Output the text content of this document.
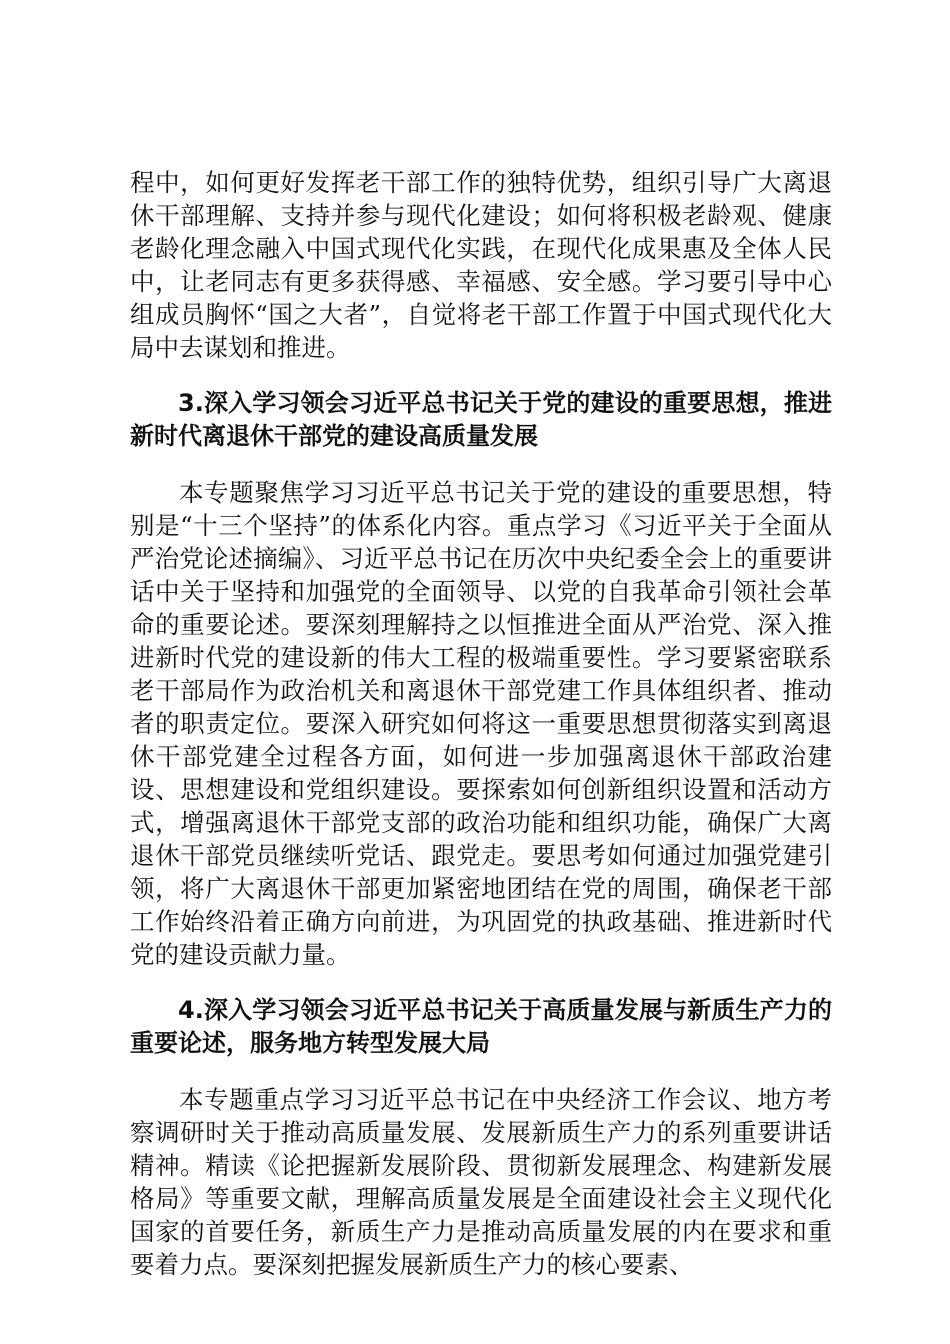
程中，如何更好发挥老干部工作的独特优势，组织引导广大离退休干部理解、支持并参与现代化建设；如何将积极老龄观、健康老龄化理念融入中国式现代化实践，在现代化成果惠及全体人民中，让老同志有更多获得感、幸福感、安全感。学习要引导中心组成员胸怀“国之大者”，自觉将老干部工作置于中国式现代化大局中去谋划和推进。

3.深入学习领会习近平总书记关于党的建设的重要思想，推进新时代离退休干部党的建设高质量发展

本专题聚焦学习习近平总书记关于党的建设的重要思想，特别是“十三个坚持”的体系化内容。重点学习《习近平关于全面从严治党论述摘编》、习近平总书记在历次中央纪委全会上的重要讲话中关于坚持和加强党的全面领导、以党的自我革命引领社会革命的重要论述。要深刻理解持之以恒推进全面从严治党、深入推进新时代党的建设新的伟大工程的极端重要性。学习要紧密联系老干部局作为政治机关和离退休干部党建工作具体组织者、推动者的职责定位。要深入研究如何将这一重要思想贯彻落实到离退休干部党建全过程各方面，如何进一步加强离退休干部政治建设、思想建设和党组织建设。要探索如何创新组织设置和活动方式，增强离退休干部党支部的政治功能和组织功能，确保广大离退休干部党员继续听党话、跟党走。要思考如何通过加强党建引领，将广大离退休干部更加紧密地团结在党的周围，确保老干部工作始终沿着正确方向前进，为巩固党的执政基础、推进新时代党的建设贡献力量。

4.深入学习领会习近平总书记关于高质量发展与新质生产力的重要论述，服务地方转型发展大局

本专题重点学习习近平总书记在中央经济工作会议、地方考察调研时关于推动高质量发展、发展新质生产力的系列重要讲话精神。精读《论把握新发展阶段、贯彻新发展理念、构建新发展格局》等重要文献，理解高质量发展是全面建设社会主义现代化国家的首要任务，新质生产力是推动高质量发展的内在要求和重要着力点。要深刻把握发展新质生产力的核心要素、
